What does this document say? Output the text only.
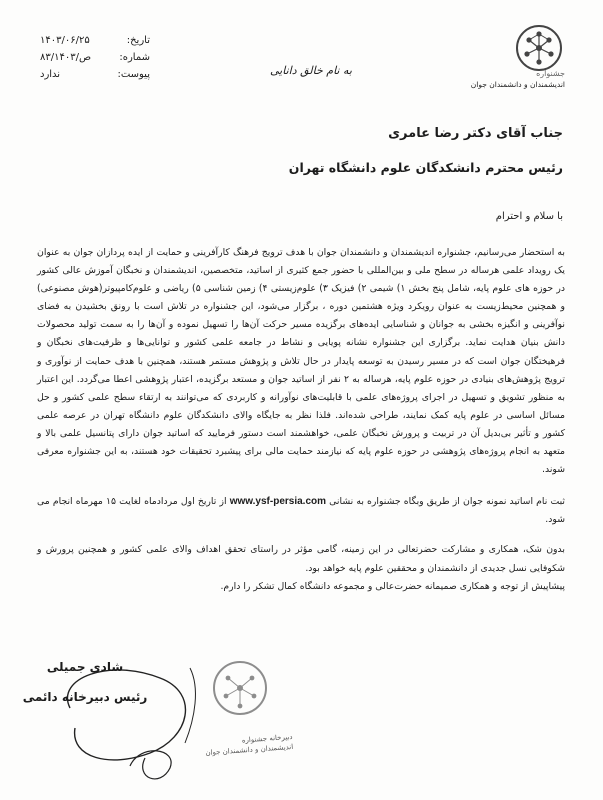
تاریخ:
۱۴۰۳/۰۶/۲۵
شماره:
۸۳/ص/۱۴۰۳
پیوست:
ندارد	به نام خالق دانایی	جشنواره
اندیشمندان و دانشمندان جوان
جناب آقای دکتر رضا عامری
رئیس محترم دانشکدگان علوم دانشگاه تهران
با سلام و احترام

به استحضار می‌رسانیم، جشنواره اندیشمندان و دانشمندان جوان با هدف ترویج فرهنگ کارآفرینی و حمایت از ایده پردازان جوان به عنوان یک رویداد علمی هرساله در سطح ملی و بین‌المللی با حضور جمع کثیری از اساتید، متخصصین، اندیشمندان و نخبگان آموزش عالی کشور در حوزه های علوم پایه، شامل پنج بخش ۱) شیمی ۲) فیزیک ۳) علوم‌زیستی ۴) زمین شناسی ۵) ریاضی و علوم‌کامپیوتر(هوش مصنوعی) و همچنین محیط‌زیست به عنوان رویکرد ویژه هشتمین دوره ، برگزار می‌شود، این جشنواره در تلاش است با رونق بخشیدن به فضای نوآفرینی و انگیزه بخشی به جوانان و شناسایی ایده‌های برگزیده مسیر حرکت آن‌ها را تسهیل نموده و آن‌ها را به سمت تولید محصولات دانش بنیان هدایت نماید. برگزاری این جشنواره نشانه پویایی و نشاط در جامعه علمی کشور و توانایی‌ها و ظرفیت‌های نخبگان و فرهیختگان جوان است که در مسیر رسیدن به توسعه پایدار در حال تلاش و پژوهش مستمر هستند، همچنین با هدف حمایت از نوآوری و ترویج پژوهش‌های بنیادی در حوزه علوم پایه، هرساله به ۲ نفر از اساتید جوان و مستعد برگزیده، اعتبار پژوهشی اعطا می‌گردد. این اعتبار به منظور تشویق و تسهیل در اجرای پروژه‌های علمی با قابلیت‌های نوآورانه و کاربردی که می‌توانند به ارتقاء سطح علمی کشور و حل مسائل اساسی در علوم پایه کمک نمایند، طراحی شده‌اند. فلذا نظر به جایگاه والای دانشکدگان علوم دانشگاه تهران در عرصه علمی کشور و تأثیر بی‌بدیل آن در تربیت و پرورش نخبگان علمی، خواهشمند است دستور فرمایید که اساتید جوان دارای پتانسیل علمی بالا و متعهد به انجام پروژه‌های پژوهشی در حوزه علوم پایه که نیازمند حمایت مالی برای پیشبرد تحقیقات خود هستند، به این جشنواره معرفی شوند.

ثبت نام اساتید نمونه جوان از طریق وبگاه جشنواره به نشانی www.ysf-persia.com از تاریخ اول مردادماه لغایت ۱۵ مهرماه انجام می شود.

بدون شک، همکاری و مشارکت حضرتعالی در این زمینه، گامی مؤثر در راستای تحقق اهداف والای علمی کشور و همچنین پرورش و شکوفایی نسل جدیدی از دانشمندان و محققین علوم پایه خواهد بود.

پیشاپیش از توجه و همکاری صمیمانه حضرت‌عالی و مجموعه دانشگاه کمال تشکر را دارم.

شادی جمیلی
رئیس دبیرخانه دائمی
دبیرخانه جشنواره
اندیشمندان و دانشمندان جوان
